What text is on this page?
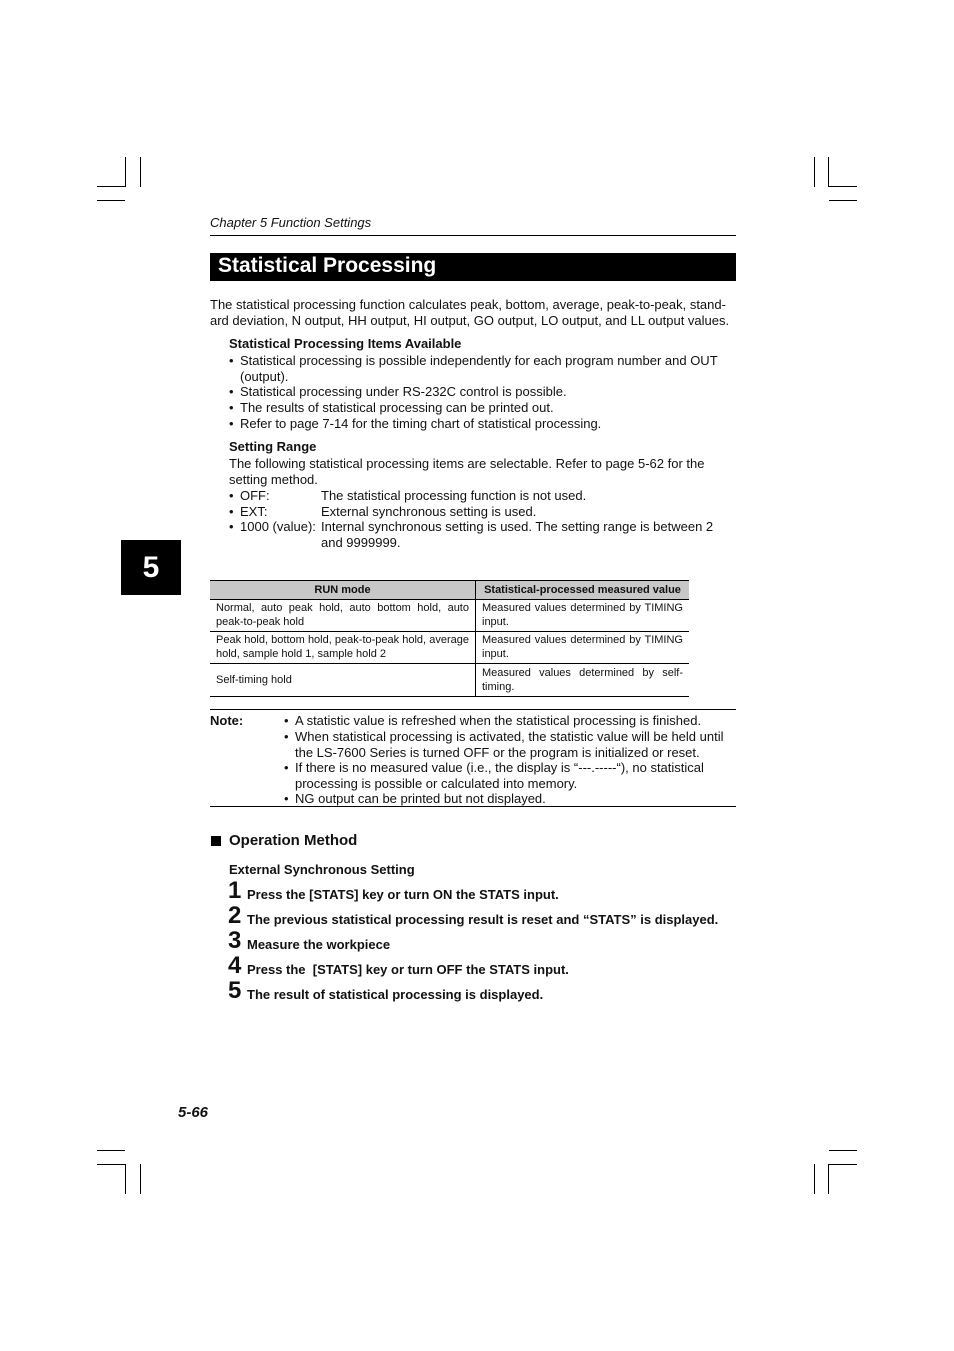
Chapter 5 Function Settings
Statistical Processing
5
The statistical processing function calculates peak, bottom, average, peak-to-peak, stand-
ard deviation, N output, HH output, HI output, GO output, LO output, and LL output values.
Statistical Processing Items Available
• Statistical processing is possible independently for each program number and OUT
(output).
• Statistical processing under RS-232C control is possible.
• The results of statistical processing can be printed out.
• Refer to page 7-14 for the timing chart of statistical processing.
Setting Range
The following statistical processing items are selectable. Refer to page 5-62 for the
setting method.
• OFF:	The statistical processing function is not used.
• EXT:	External synchronous setting is used.
• 1000 (value): Internal synchronous setting is used. The setting range is between 2
and 9999999.
RUN mode	Statistical-processed measured value
Normal, auto peak hold, auto bottom hold, auto peak-to-peak hold	Measured values determined by TIMING input.
Peak hold, bottom hold, peak-to-peak hold, average hold, sample hold 1, sample hold 2	Measured values determined by TIMING input.
Self-timing hold	Measured values determined by self-timing.
Note:	• A statistic value is refreshed when the statistical processing is finished.
• When statistical processing is activated, the statistic value will be held until
the LS-7600 Series is turned OFF or the program is initialized or reset.
• If there is no measured value (i.e., the display is “---.-----“), no statistical
processing is possible or calculated into memory.
• NG output can be printed but not displayed.
Operation Method
External Synchronous Setting
1 Press the [STATS] key or turn ON the STATS input.
2 The previous statistical processing result is reset and “STATS” is displayed.
3 Measure the workpiece
4 Press the  [STATS] key or turn OFF the STATS input.
5 The result of statistical processing is displayed.
5-66
